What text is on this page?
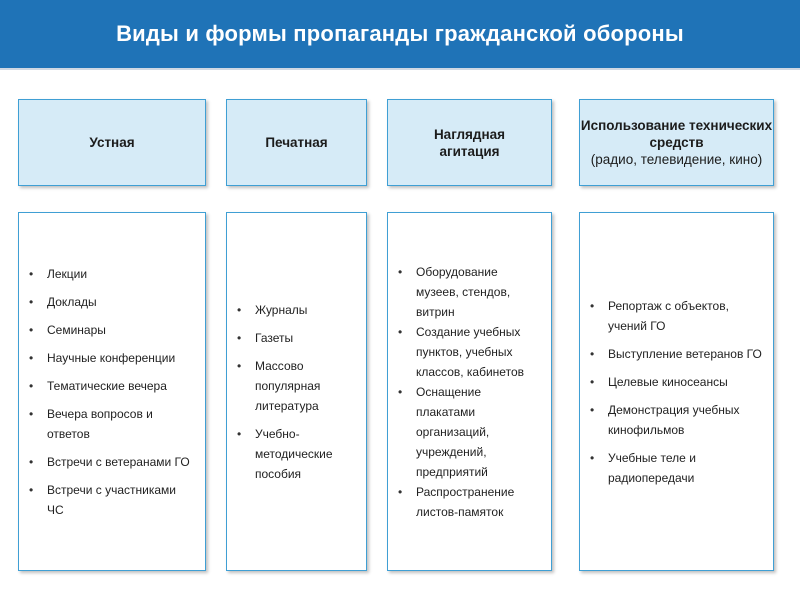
Виды и формы пропаганды гражданской обороны
Устная
• Лекции
• Доклады
• Семинары
• Научные конференции
• Тематические вечера
• Вечера вопросов и ответов
• Встречи с ветеранами ГО
• Встречи с участниками ЧС
Печатная
• Журналы
• Газеты
• Массово популярная литература
• Учебно-методические пособия
Наглядная
агитация
• Оборудование музеев, стендов, витрин
• Создание учебных пунктов, учебных классов, кабинетов
• Оснащение плакатами организаций, учреждений, предприятий
• Распространение листов-памяток
Использование технических средств
(радио, телевидение, кино)
• Репортаж с объектов, учений ГО
• Выступление ветеранов ГО
• Целевые киносеансы
• Демонстрация учебных кинофильмов
• Учебные теле и радиопередачи
